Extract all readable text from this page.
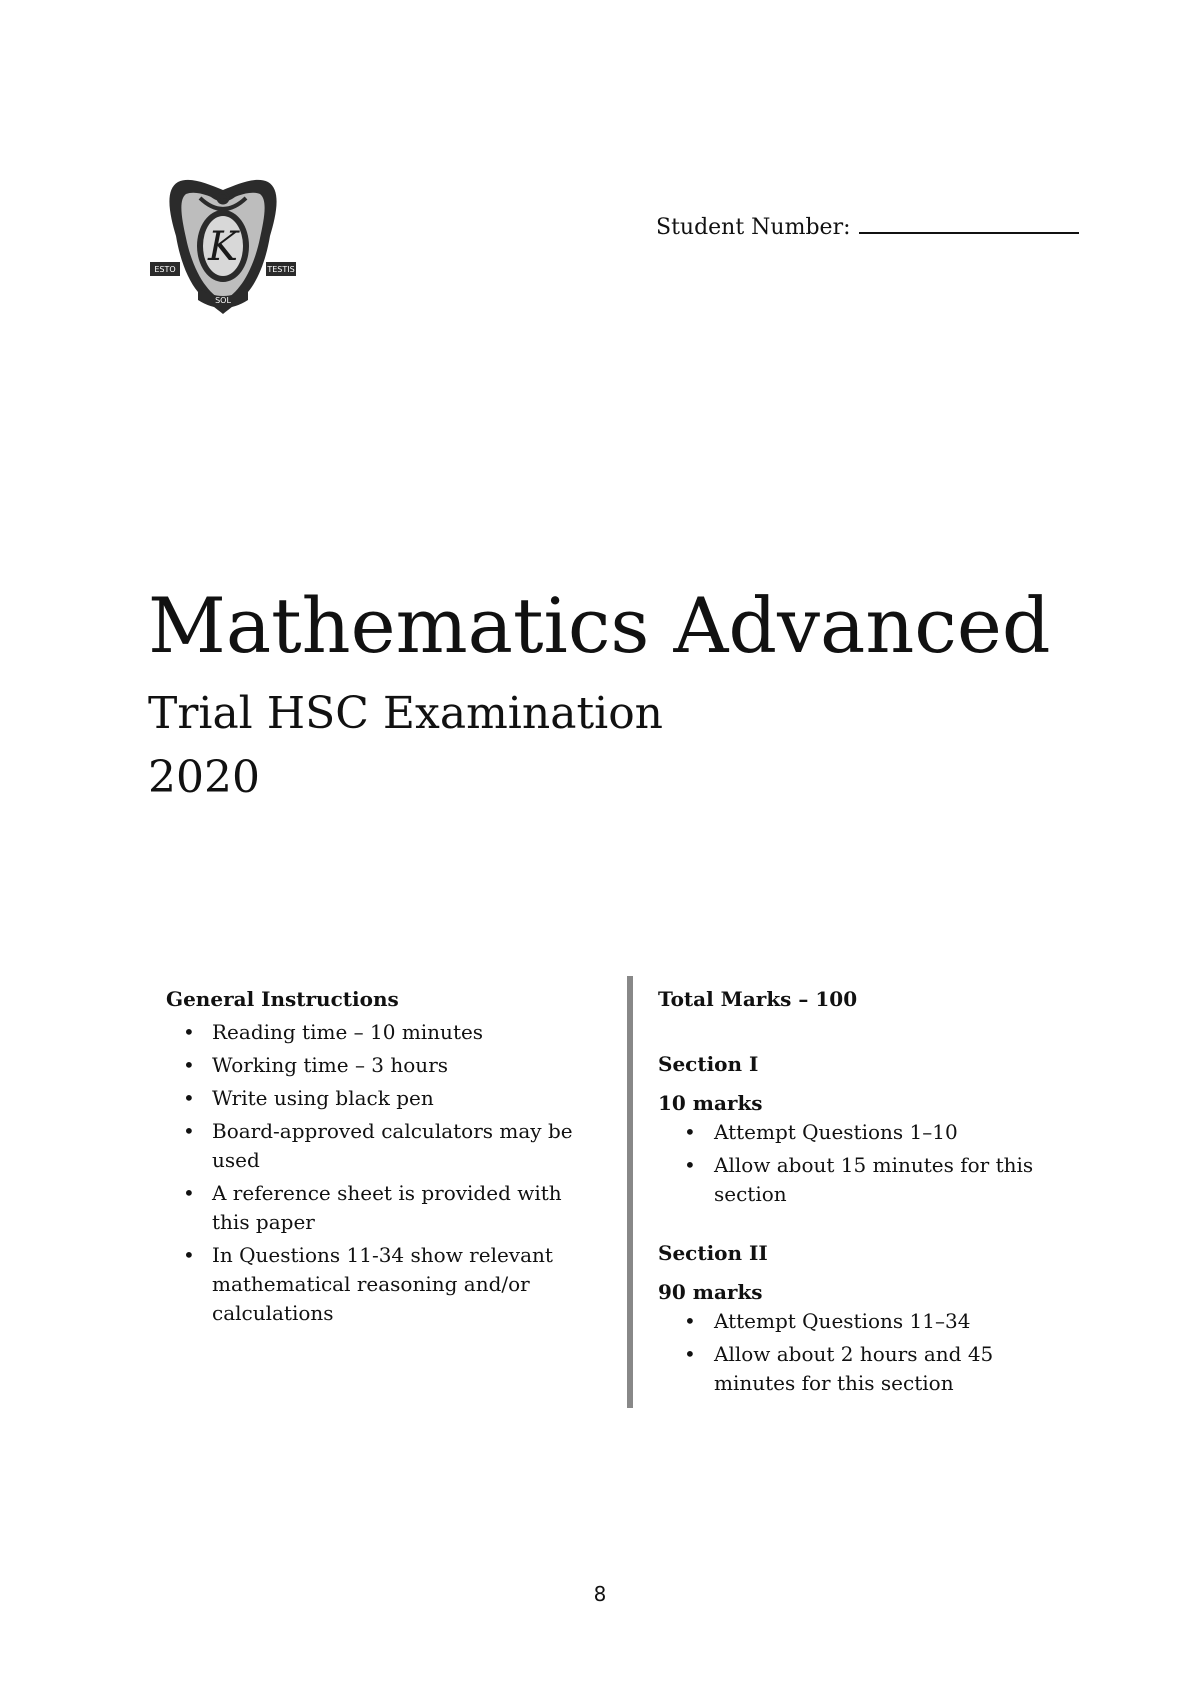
K
ESTO	TESTIS
SOL
Student Number:
Mathematics Advanced
Trial HSC Examination
2020
General Instructions
• Reading time – 10 minutes
• Working time – 3 hours
• Write using black pen
• Board-approved calculators may be used
• A reference sheet is provided with this paper
• In Questions 11-34 show relevant mathematical reasoning and/or calculations
Total Marks – 100
Section I
10 marks
• Attempt Questions 1–10
• Allow about 15 minutes for this section
Section II
90 marks
• Attempt Questions 11–34
• Allow about 2 hours and 45 minutes for this section
8
